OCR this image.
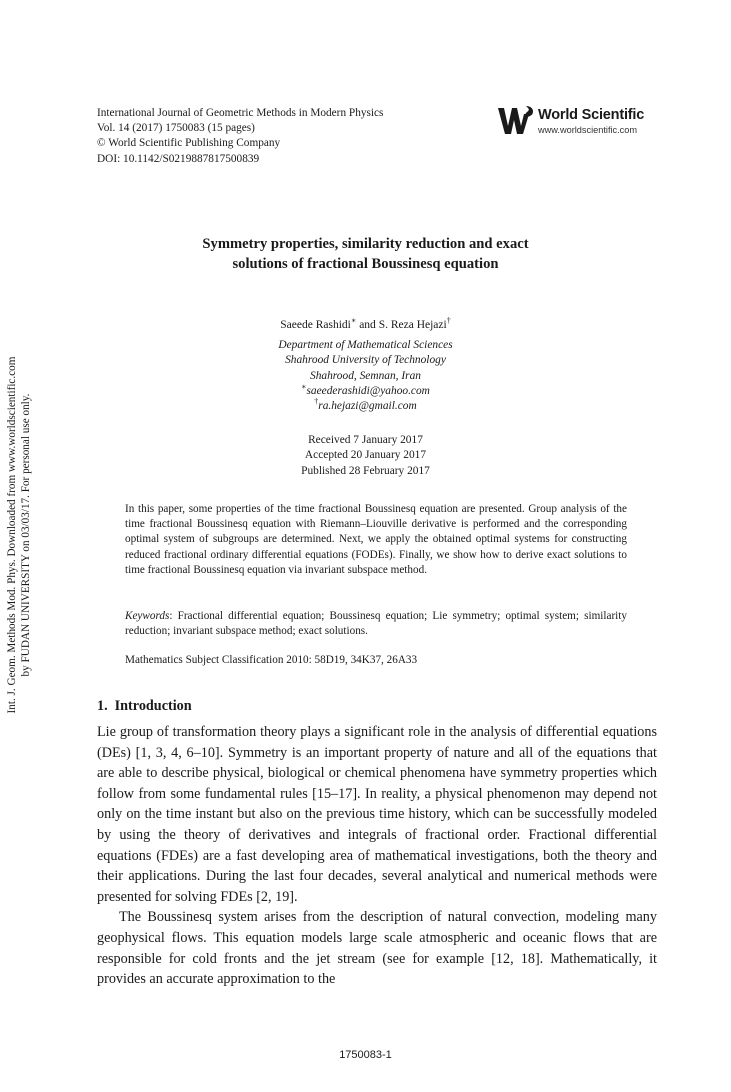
International Journal of Geometric Methods in Modern Physics
Vol. 14 (2017) 1750083 (15 pages)
© World Scientific Publishing Company
DOI: 10.1142/S0219887817500839
World Scientific
www.worldscientific.com
Int. J. Geom. Methods Mod. Phys. Downloaded from www.worldscientific.com by FUDAN UNIVERSITY on 03/03/17. For personal use only.
Symmetry properties, similarity reduction and exact
solutions of fractional Boussinesq equation
Saeede Rashidi∗ and S. Reza Hejazi†
Department of Mathematical Sciences
Shahrood University of Technology
Shahrood, Semnan, Iran
∗saeederashidi@yahoo.com
†ra.hejazi@gmail.com
Received 7 January 2017
Accepted 20 January 2017
Published 28 February 2017

In this paper, some properties of the time fractional Boussinesq equation are presented. Group analysis of the time fractional Boussinesq equation with Riemann–Liouville derivative is performed and the corresponding optimal system of subgroups are determined. Next, we apply the obtained optimal systems for constructing reduced fractional ordinary differential equations (FODEs). Finally, we show how to derive exact solutions to time fractional Boussinesq equation via invariant subspace method.

Keywords: Fractional differential equation; Boussinesq equation; Lie symmetry; optimal system; similarity reduction; invariant subspace method; exact solutions.
Mathematics Subject Classification 2010: 58D19, 34K37, 26A33
1. Introduction

Lie group of transformation theory plays a significant role in the analysis of differential equations (DEs) [1, 3, 4, 6–10]. Symmetry is an important property of nature and all of the equations that are able to describe physical, biological or chemical phenomena have symmetry properties which follow from some fundamental rules [15–17]. In reality, a physical phenomenon may depend not only on the time instant but also on the previous time history, which can be successfully modeled by using the theory of derivatives and integrals of fractional order. Fractional differential equations (FDEs) are a fast developing area of mathematical investigations, both the theory and their applications. During the last four decades, several analytical and numerical methods were presented for solving FDEs [2, 19].

The Boussinesq system arises from the description of natural convection, modeling many geophysical flows. This equation models large scale atmospheric and oceanic flows that are responsible for cold fronts and the jet stream (see for example [12, 18]. Mathematically, it provides an accurate approximation to the

1750083-1
